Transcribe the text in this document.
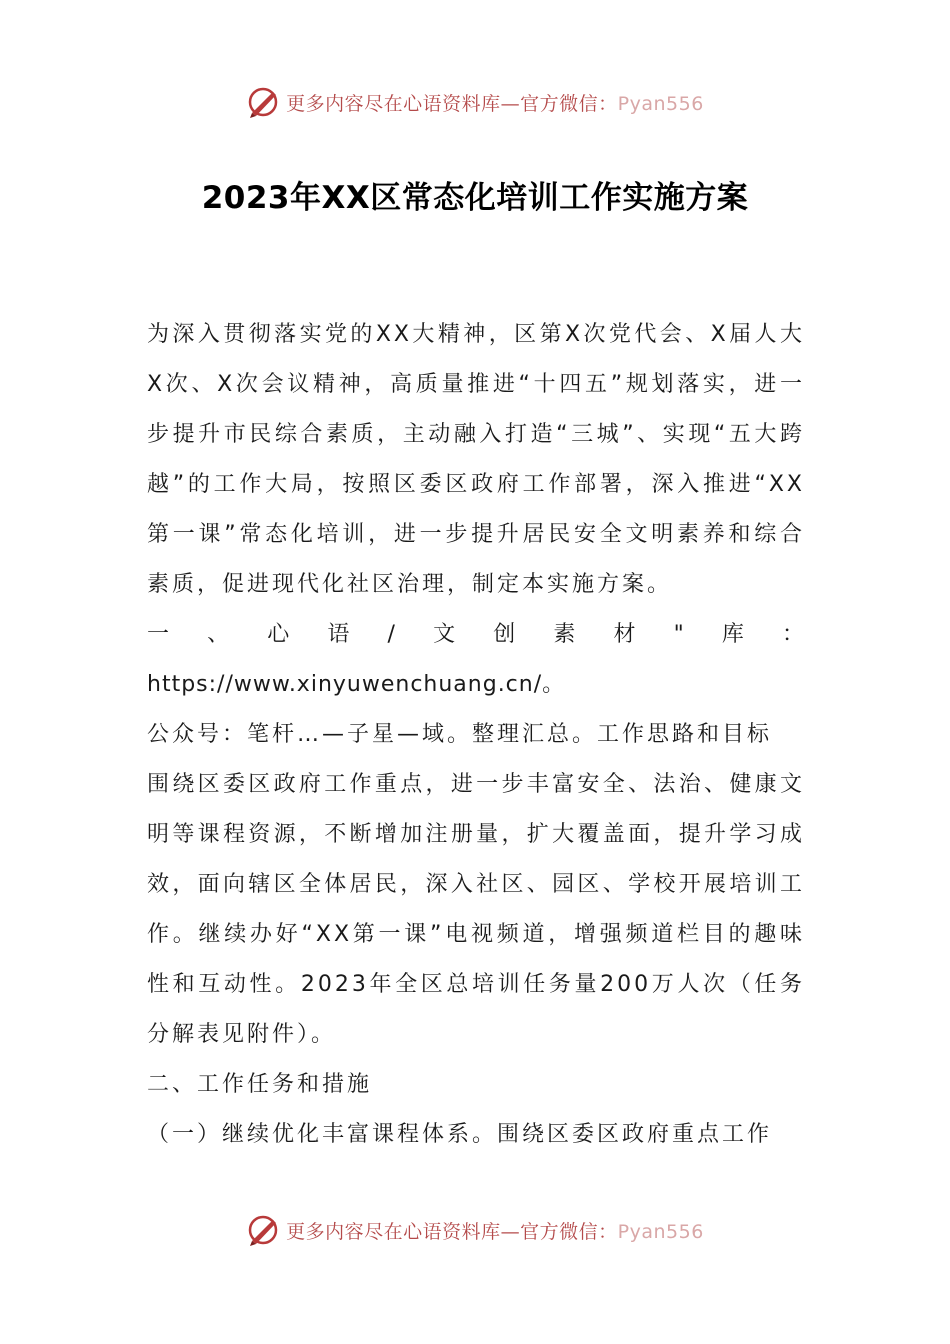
更多内容尽在心语资料库—官方微信：Pyan556
2023年XX区常态化培训工作实施方案

为深入贯彻落实党的XX大精神，区第X次党代会、X届人大X次、X次会议精神，高质量推进“十四五”规划落实，进一步提升市民综合素质，主动融入打造“三城”、实现“五大跨越”的工作大局，按照区委区政府工作部署，深入推进“XX第一课”常态化培训，进一步提升居民安全文明素养和综合素质，促进现代化社区治理，制定本实施方案。

一、心语/文创素材"库：https://www.xinyuwenchuang.cn/。

公众号：笔杆…—子星—域。整理汇总。工作思路和目标

围绕区委区政府工作重点，进一步丰富安全、法治、健康文明等课程资源，不断增加注册量，扩大覆盖面，提升学习成效，面向辖区全体居民，深入社区、园区、学校开展培训工作。继续办好“XX第一课”电视频道，增强频道栏目的趣味性和互动性。2023年全区总培训任务量200万人次（任务分解表见附件）。

二、工作任务和措施

（一）继续优化丰富课程体系。围绕区委区政府重点工作

更多内容尽在心语资料库—官方微信：Pyan556
